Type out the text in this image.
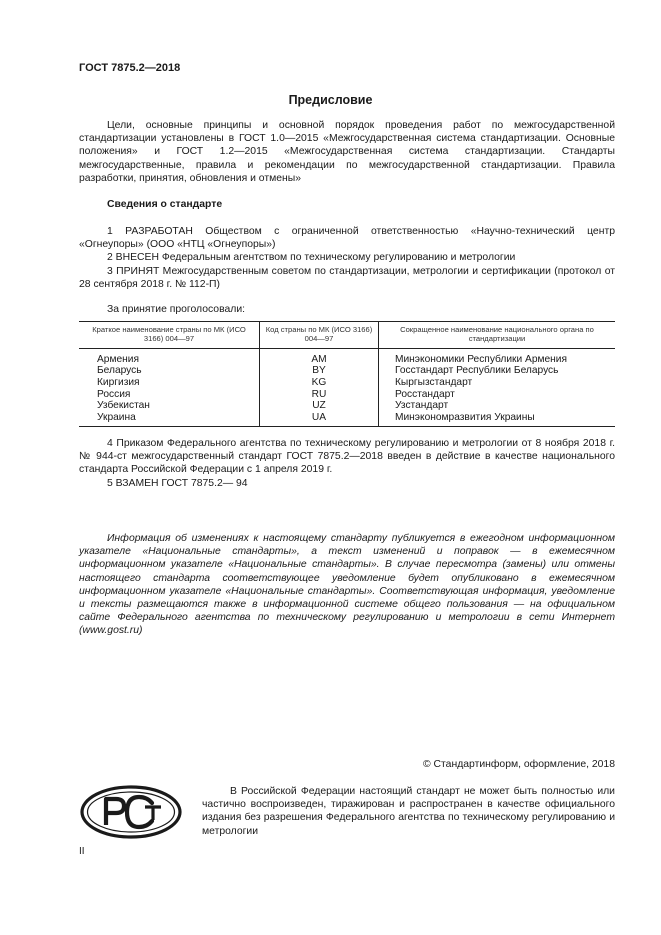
ГОСТ 7875.2—2018
Предисловие
Цели, основные принципы и основной порядок проведения работ по межгосударственной стандартизации установлены в ГОСТ 1.0—2015 «Межгосударственная система стандартизации. Основные положения» и ГОСТ 1.2—2015 «Межгосударственная система стандартизации. Стандарты межгосударственные, правила и рекомендации по межгосударственной стандартизации. Правила разработки, принятия, обновления и отмены»
Сведения о стандарте
1 РАЗРАБОТАН Обществом с ограниченной ответственностью «Научно-технический центр «Огнеупоры» (ООО «НТЦ «Огнеупоры»)
2 ВНЕСЕН Федеральным агентством по техническому регулированию и метрологии
3 ПРИНЯТ Межгосударственным советом по стандартизации, метрологии и сертификации (протокол от 28 сентября 2018 г. № 112-П)
За принятие проголосовали:
Краткое наименование страны по МК (ИСО 3166) 004—97	Код страны по МК (ИСО 3166) 004—97	Сокращенное наименование национального органа по стандартизации
Армения	AM	Минэкономики Республики Армения
Беларусь	BY	Госстандарт Республики Беларусь
Киргизия	KG	Кыргызстандарт
Россия	RU	Росстандарт
Узбекистан	UZ	Узстандарт
Украина	UA	Минэкономразвития Украины
4 Приказом Федерального агентства по техническому регулированию и метрологии от 8 ноября 2018 г. № 944-ст межгосударственный стандарт ГОСТ 7875.2—2018 введен в действие в качестве национального стандарта Российской Федерации с 1 апреля 2019 г.
5 ВЗАМЕН ГОСТ 7875.2— 94
Информация об изменениях к настоящему стандарту публикуется в ежегодном информационном указателе «Национальные стандарты», а текст изменений и поправок — в ежемесячном информационном указателе «Национальные стандарты». В случае пересмотра (замены) или отмены настоящего стандарта соответствующее уведомление будет опубликовано в ежемесячном информационном указателе «Национальные стандарты». Соответствующая информация, уведомление и тексты размещаются также в информационной системе общего пользования — на официальном сайте Федерального агентства по техническому регулированию и метрологии в сети Интернет (www.gost.ru)
© Стандартинформ, оформление, 2018
В Российской Федерации настоящий стандарт не может быть полностью или частично воспроизведен, тиражирован и распространен в качестве официального издания без разрешения Федерального агентства по техническому регулированию и метрологии
II
